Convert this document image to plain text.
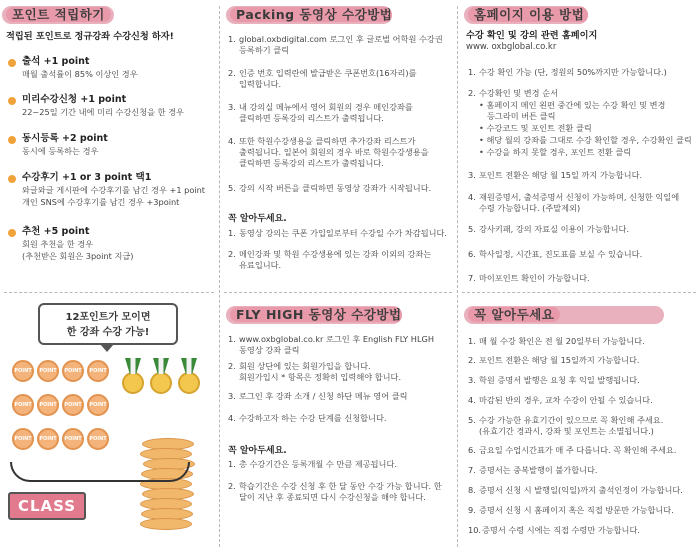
포인트 적립하기
적립된 포인트로 정규강좌 수강신청 하자!
출석 +1 point
매월 출석률이 85% 이상인 경우
미리수강신청 +1 point
22~25일 기간 내에 미리 수강신청을 한 경우
동시등록 +2 point
동시에 등록하는 경우
수강후기 +1 or 3 point 택1
와글와글 게시판에 수강후기를 남긴 경우 +1 point
개인 SNS에 수강후기를 남긴 경우 +3point
추천 +5 point
회원 추천을 한 경우
(추천받은 회원은 3point 지급)
12포인트가 모이면
한 강좌 수강 가능!
POINT	POINT	POINT	POINT
POINT	POINT	POINT	POINT
POINT	POINT	POINT	POINT
CLASS
Packing 동영상 수강방법
1. global.oxbdigital.com 로그인 후 글로벌 어학원 수강권
등록하기 클릭
2. 인증 번호 입력란에 발급받은 쿠폰번호(16자리)를
입력합니다.
3. 내 강의실 메뉴에서 영어 회원의 경우 메인강좌를
클릭하면 등록강의 리스트가 출력됩니다.
4. 또한 학원수강생용을 클릭하면 추가강좌 리스트가
출력됩니다. 일본어 회원의 경우 바로 학원수강생용을
클릭하면 등록강의 리스트가 출력됩니다.
5. 강의 시작 버튼을 클릭하면 동영상 강좌가 시작됩니다.
꼭 알아두세요.
1. 동영상 강의는 쿠폰 가입일로부터 수강일 수가 차감됩니다.
2. 메인강좌 및 학원 수강생용에 있는 강좌 이외의 강좌는
유료입니다.
FLY HIGH 동영상 수강방법
1. www.oxbglobal.co.kr 로그인 후 English FLY HLGH
동영상 강좌 클릭
2. 회원 상단에 있는 회원가입을 합니다.
회원가입시 * 항목은 정확히 입력해야 합니다.
3. 로그인 후 강좌 소개 / 신청 하단 메뉴 영어 클릭
4. 수강하고자 하는 수강 단계를 신청합니다.
꼭 알아두세요.
1. 총 수강기간은 등록개월 수 만큼 제공됩니다.
2. 학습기간은 수강 신청 후 한 달 동안 수강 가능 합니다. 한
달이 지난 후 종료되면 다시 수강신청을 해야 합니다.
홈페이지 이용 방법
수강 확인 및 강의 관련 홈페이지
www. oxbglobal.co.kr
1. 수강 확인 가능 (단, 정원의 50%까지만 가능합니다.)
2. 수강확인 및 변경 순서
• 홈페이지 메인 왼편 중간에 있는 수강 확인 및 변경
등그라미 버튼 클릭
• 수강코드 및 포인트 전환 클릭
• 해당 월의 강좌를 그대로 수강 확인할 경우, 수강확인 클릭
• 수강을 하지 못할 경우, 포인트 전환 클릭
3. 포인트 전환은 해당 월 15일 까지 가능합니다.
4. 재원증명서, 출석증명서 신청이 가능하며, 신청한 익일에
수령 가능합니다. (주말제외)
5. 강사키패, 강의 자료실 이용이 가능합니다.
6. 학사일정, 시간표, 진도표를 보실 수 있습니다.
7. 마이포인트 확인이 가능합니다.
꼭 알아두세요
1. 매 월 수강 확인은 전 월 20일부터 가능합니다.
2. 포인트 전환은 해당 월 15일까지 가능합니다.
3. 학원 증명서 발행은 요청 후 익일 발행됩니다.
4. 마감된 반의 경우, 교차 수강이 안될 수 있습니다.
5. 수강 가능한 유효기간이 있으므로 꼭 확인해 주세요.
(유효기간 경과시, 강좌 및 포인트는 소멸됩니다.)
6. 금요일 수업시간표가 매 주 다릅니다. 꼭 확인해 주세요.
7. 증명서는 중복발행이 불가합니다.
8. 증명서 신청 시 발행일(익일)까지 출석인정이 가능합니다.
9. 증명서 신청 시 홈페이지 혹은 직접 방문만 가능합니다.
10. 증명서 수령 시에는 직접 수령만 가능합니다.
